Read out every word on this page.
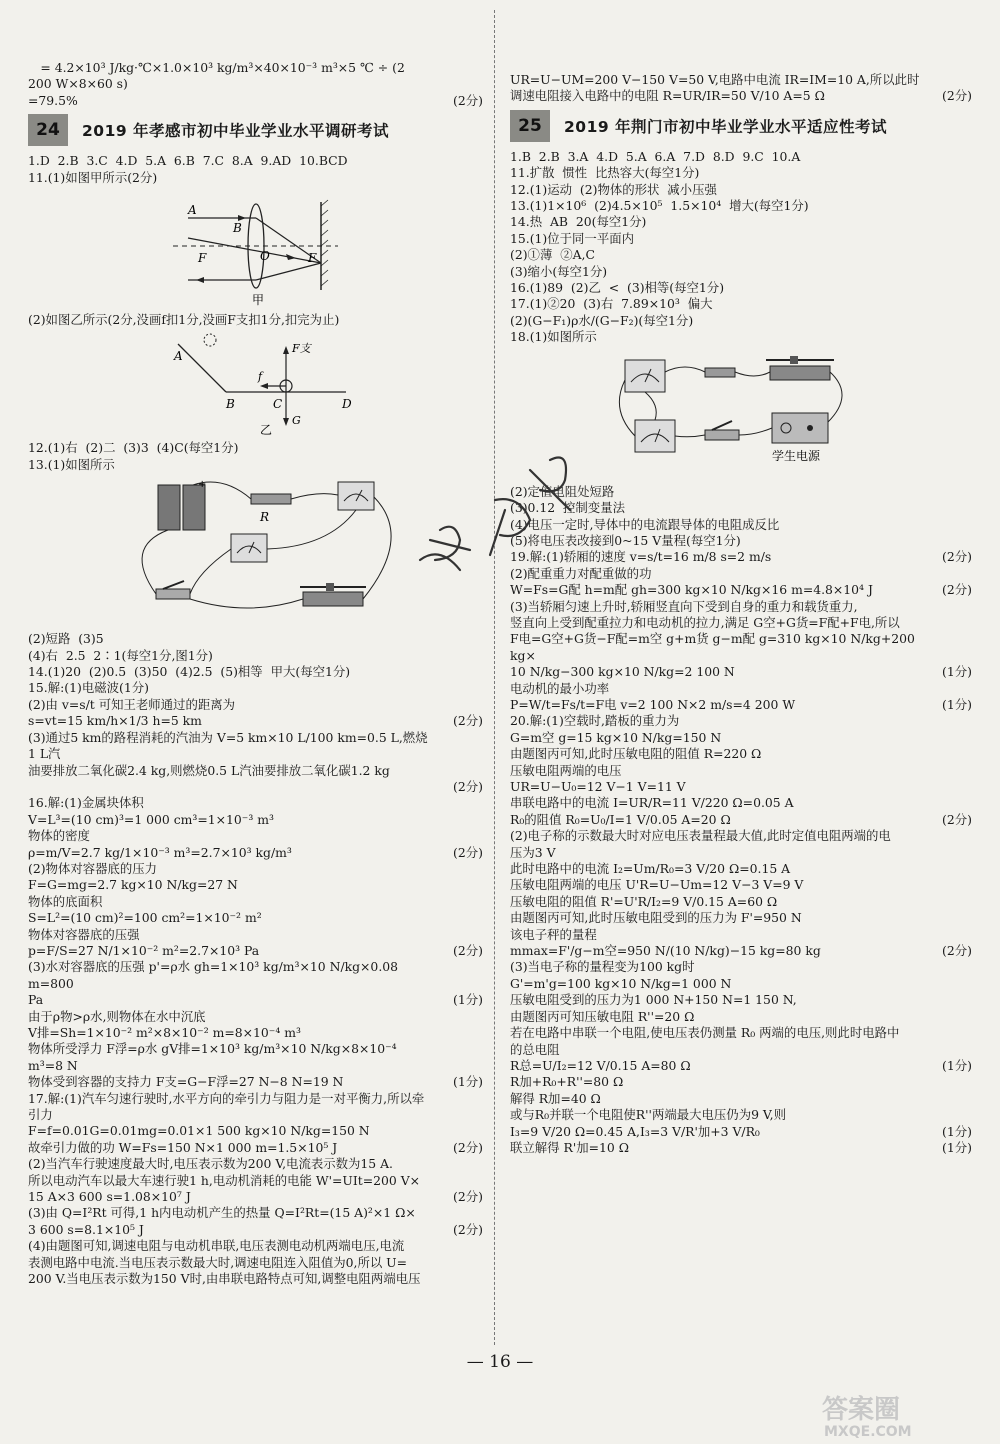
　= 4.2×10³ J/kg·℃×1.0×10³ kg/m³×40×10⁻³ m³×5 ℃ ÷ (2 200 W×8×60 s)
=79.5%	(2分)
24	2019 年孝感市初中毕业学业水平调研考试
1.D  2.B  3.C  4.D  5.A  6.B  7.C  8.A  9.AD  10.BCD
11.(1)如图甲所示(2分)
A
B
O
F	F
甲
(2)如图乙所示(2分,没画f扣1分,没画F支扣1分,扣完为止)
A
B	C	D
F支
f
G
乙
12.(1)右  (2)二  (3)3  (4)C(每空1分)
13.(1)如图所示
+
R
(2)短路  (3)5
(4)右  2.5  2∶1(每空1分,图1分)
14.(1)20  (2)0.5  (3)50  (4)2.5  (5)相等  甲大(每空1分)
15.解:(1)电磁波(1分)
(2)由 v=s/t 可知王老师通过的距离为
s=vt=15 km/h×1/3 h=5 km	(2分)
(3)通过5 km的路程消耗的汽油为 V=5 km×10 L/100 km=0.5 L,燃烧1 L汽
油要排放二氧化碳2.4 kg,则燃烧0.5 L汽油要排放二氧化碳1.2 kg
(2分)
16.解:(1)金属块体积
V=L³=(10 cm)³=1 000 cm³=1×10⁻³ m³
物体的密度
ρ=m/V=2.7 kg/1×10⁻³ m³=2.7×10³ kg/m³	(2分)
(2)物体对容器底的压力
F=G=mg=2.7 kg×10 N/kg=27 N
物体的底面积
S=L²=(10 cm)²=100 cm²=1×10⁻² m²
物体对容器底的压强
p=F/S=27 N/1×10⁻² m²=2.7×10³ Pa	(2分)
(3)水对容器底的压强 p'=ρ水 gh=1×10³ kg/m³×10 N/kg×0.08 m=800
Pa	(1分)
由于ρ物>ρ水,则物体在水中沉底
V排=Sh=1×10⁻² m²×8×10⁻² m=8×10⁻⁴ m³
物体所受浮力 F浮=ρ水 gV排=1×10³ kg/m³×10 N/kg×8×10⁻⁴ m³=8 N
物体受到容器的支持力 F支=G−F浮=27 N−8 N=19 N	(1分)
17.解:(1)汽车匀速行驶时,水平方向的牵引力与阻力是一对平衡力,所以牵
引力
F=f=0.01G=0.01mg=0.01×1 500 kg×10 N/kg=150 N
故牵引力做的功 W=Fs=150 N×1 000 m=1.5×10⁵ J	(2分)
(2)当汽车行驶速度最大时,电压表示数为200 V,电流表示数为15 A.
所以电动汽车以最大车速行驶1 h,电动机消耗的电能 W'=UIt=200 V×
15 A×3 600 s=1.08×10⁷ J	(2分)
(3)由 Q=I²Rt 可得,1 h内电动机产生的热量 Q=I²Rt=(15 A)²×1 Ω×
3 600 s=8.1×10⁵ J	(2分)
(4)由题图可知,调速电阻与电动机串联,电压表测电动机两端电压,电流
表测电路中电流.当电压表示数最大时,调速电阻连入阻值为0,所以 U=
200 V.当电压表示数为150 V时,由串联电路特点可知,调整电阻两端电压
UR=U−UM=200 V−150 V=50 V,电路中电流 IR=IM=10 A,所以此时
调速电阻接入电路中的电阻 R=UR/IR=50 V/10 A=5 Ω	(2分)
25	2019 年荆门市初中毕业学业水平适应性考试
1.B  2.B  3.A  4.D  5.A  6.A  7.D  8.D  9.C  10.A
11.扩散  惯性  比热容大(每空1分)
12.(1)运动  (2)物体的形状  减小压强
13.(1)1×10⁶  (2)4.5×10⁵  1.5×10⁴  增大(每空1分)
14.热  AB  20(每空1分)
15.(1)位于同一平面内
(2)①薄  ②A,C
(3)缩小(每空1分)
16.(1)89  (2)乙  <  (3)相等(每空1分)
17.(1)②20  (3)右  7.89×10³  偏大
(2)(G−F₁)ρ水/(G−F₂)(每空1分)
18.(1)如图所示
学生电源
(2)定值电阻处短路
(3)0.12  控制变量法
(4)电压一定时,导体中的电流跟导体的电阻成反比
(5)将电压表改接到0~15 V量程(每空1分)
19.解:(1)轿厢的速度 v=s/t=16 m/8 s=2 m/s	(2分)
(2)配重重力对配重做的功
W=Fs=G配 h=m配 gh=300 kg×10 N/kg×16 m=4.8×10⁴ J	(2分)
(3)当轿厢匀速上升时,轿厢竖直向下受到自身的重力和载货重力,
竖直向上受到配重拉力和电动机的拉力,满足 G空+G货=F配+F电,所以
F电=G空+G货−F配=m空 g+m货 g−m配 g=310 kg×10 N/kg+200 kg×
10 N/kg−300 kg×10 N/kg=2 100 N	(1分)
电动机的最小功率
P=W/t=Fs/t=F电 v=2 100 N×2 m/s=4 200 W	(1分)
20.解:(1)空载时,踏板的重力为
G=m空 g=15 kg×10 N/kg=150 N
由题图丙可知,此时压敏电阻的阻值 R=220 Ω
压敏电阻两端的电压
UR=U−U₀=12 V−1 V=11 V
串联电路中的电流 I=UR/R=11 V/220 Ω=0.05 A
R₀的阻值 R₀=U₀/I=1 V/0.05 A=20 Ω	(2分)
(2)电子称的示数最大时对应电压表量程最大值,此时定值电阻两端的电
压为3 V
此时电路中的电流 I₂=Um/R₀=3 V/20 Ω=0.15 A
压敏电阻两端的电压 U'R=U−Um=12 V−3 V=9 V
压敏电阻的阻值 R'=U'R/I₂=9 V/0.15 A=60 Ω
由题图丙可知,此时压敏电阻受到的压力为 F'=950 N
该电子秤的量程
mmax=F'/g−m空=950 N/(10 N/kg)−15 kg=80 kg	(2分)
(3)当电子称的量程变为100 kg时
G'=m'g=100 kg×10 N/kg=1 000 N
压敏电阻受到的压力为1 000 N+150 N=1 150 N,
由题图丙可知压敏电阻 R''=20 Ω
若在电路中串联一个电阻,使电压表仍测量 R₀ 两端的电压,则此时电路中
的总电阻
R总=U/I₂=12 V/0.15 A=80 Ω	(1分)
R加+R₀+R''=80 Ω
解得 R加=40 Ω
或与R₀并联一个电阻使R''两端最大电压仍为9 V,则
I₃=9 V/20 Ω=0.45 A,I₃=3 V/R'加+3 V/R₀	(1分)
联立解得 R'加=10 Ω	(1分)
— 16 —
答案圈
MXQE.COM
